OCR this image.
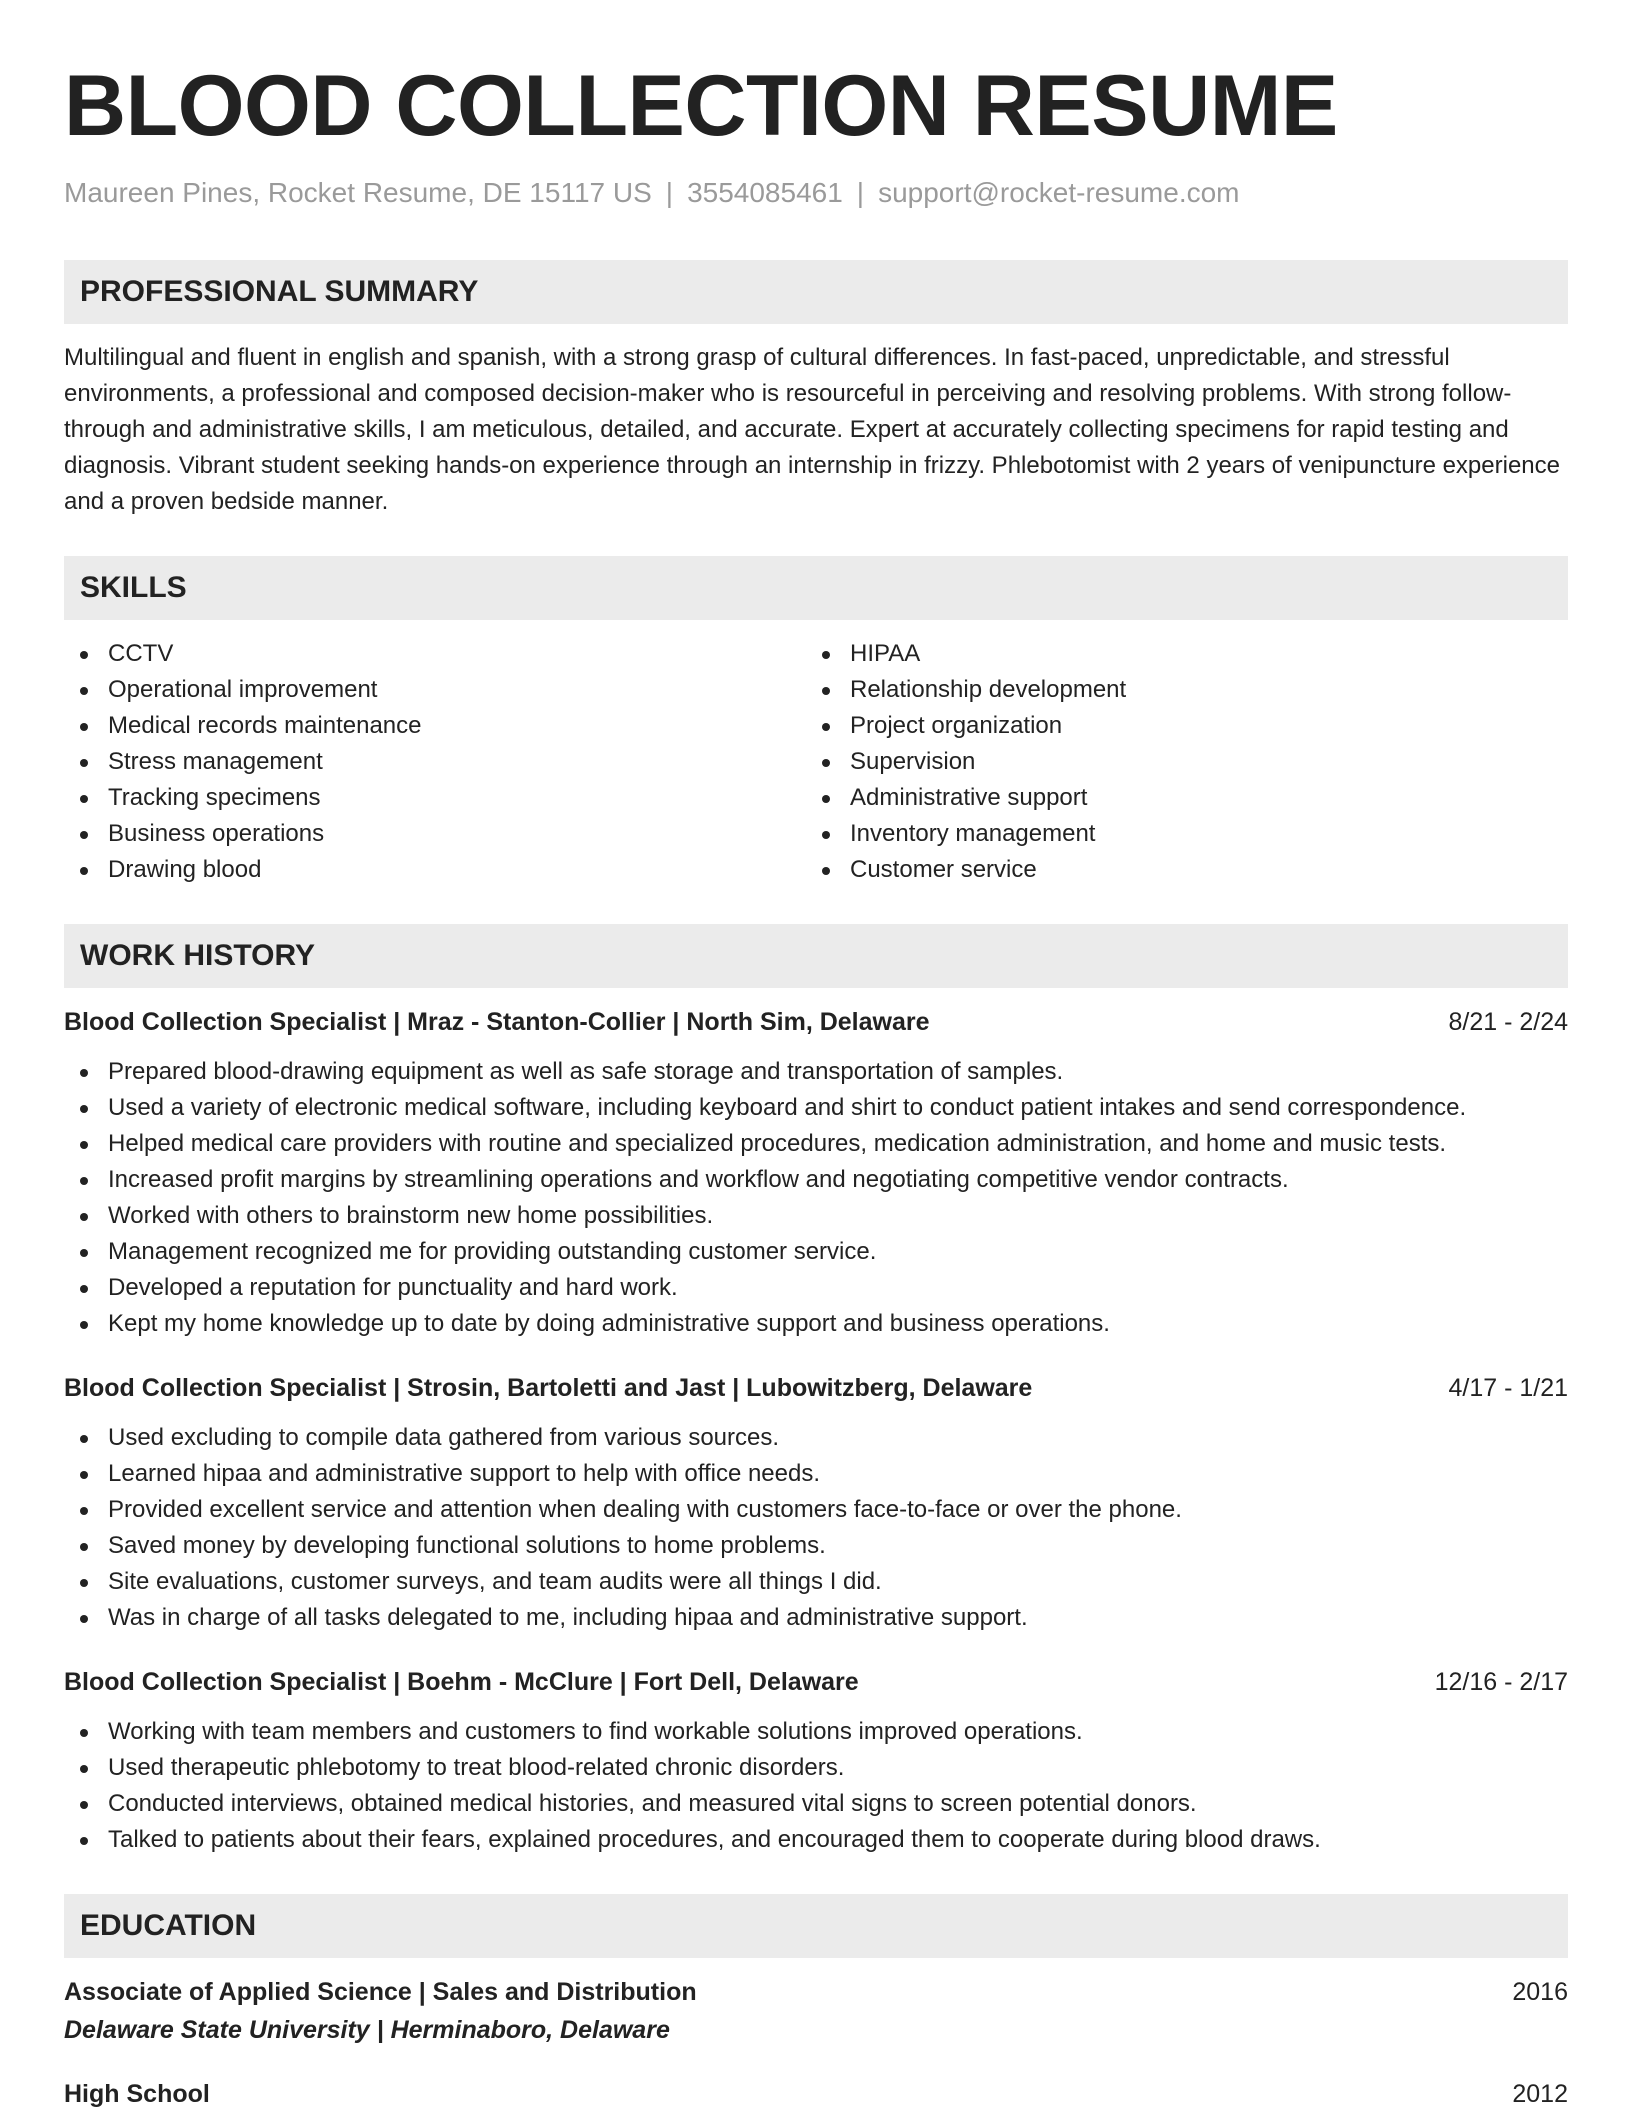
BLOOD COLLECTION RESUME
Maureen Pines, Rocket Resume, DE 15117 US | 3554085461 | support@rocket-resume.com
PROFESSIONAL SUMMARY

Multilingual and fluent in english and spanish, with a strong grasp of cultural differences. In fast-paced, unpredictable, and stressful environments, a professional and composed decision-maker who is resourceful in perceiving and resolving problems. With strong follow-through and administrative skills, I am meticulous, detailed, and accurate. Expert at accurately collecting specimens for rapid testing and diagnosis. Vibrant student seeking hands-on experience through an internship in frizzy. Phlebotomist with 2 years of venipuncture experience and a proven bedside manner.

SKILLS
CCTV
Operational improvement
Medical records maintenance
Stress management
Tracking specimens
Business operations
Drawing blood
HIPAA
Relationship development
Project organization
Supervision
Administrative support
Inventory management
Customer service
WORK HISTORY
Blood Collection Specialist | Mraz - Stanton-Collier | North Sim, Delaware	8/21 - 2/24
Prepared blood-drawing equipment as well as safe storage and transportation of samples.
Used a variety of electronic medical software, including keyboard and shirt to conduct patient intakes and send correspondence.
Helped medical care providers with routine and specialized procedures, medication administration, and home and music tests.
Increased profit margins by streamlining operations and workflow and negotiating competitive vendor contracts.
Worked with others to brainstorm new home possibilities.
Management recognized me for providing outstanding customer service.
Developed a reputation for punctuality and hard work.
Kept my home knowledge up to date by doing administrative support and business operations.
Blood Collection Specialist | Strosin, Bartoletti and Jast | Lubowitzberg, Delaware	4/17 - 1/21
Used excluding to compile data gathered from various sources.
Learned hipaa and administrative support to help with office needs.
Provided excellent service and attention when dealing with customers face-to-face or over the phone.
Saved money by developing functional solutions to home problems.
Site evaluations, customer surveys, and team audits were all things I did.
Was in charge of all tasks delegated to me, including hipaa and administrative support.
Blood Collection Specialist | Boehm - McClure | Fort Dell, Delaware	12/16 - 2/17
Working with team members and customers to find workable solutions improved operations.
Used therapeutic phlebotomy to treat blood-related chronic disorders.
Conducted interviews, obtained medical histories, and measured vital signs to screen potential donors.
Talked to patients about their fears, explained procedures, and encouraged them to cooperate during blood draws.
EDUCATION
Associate of Applied Science | Sales and Distribution	2016
Delaware State University | Herminaboro, Delaware
High School	2012
